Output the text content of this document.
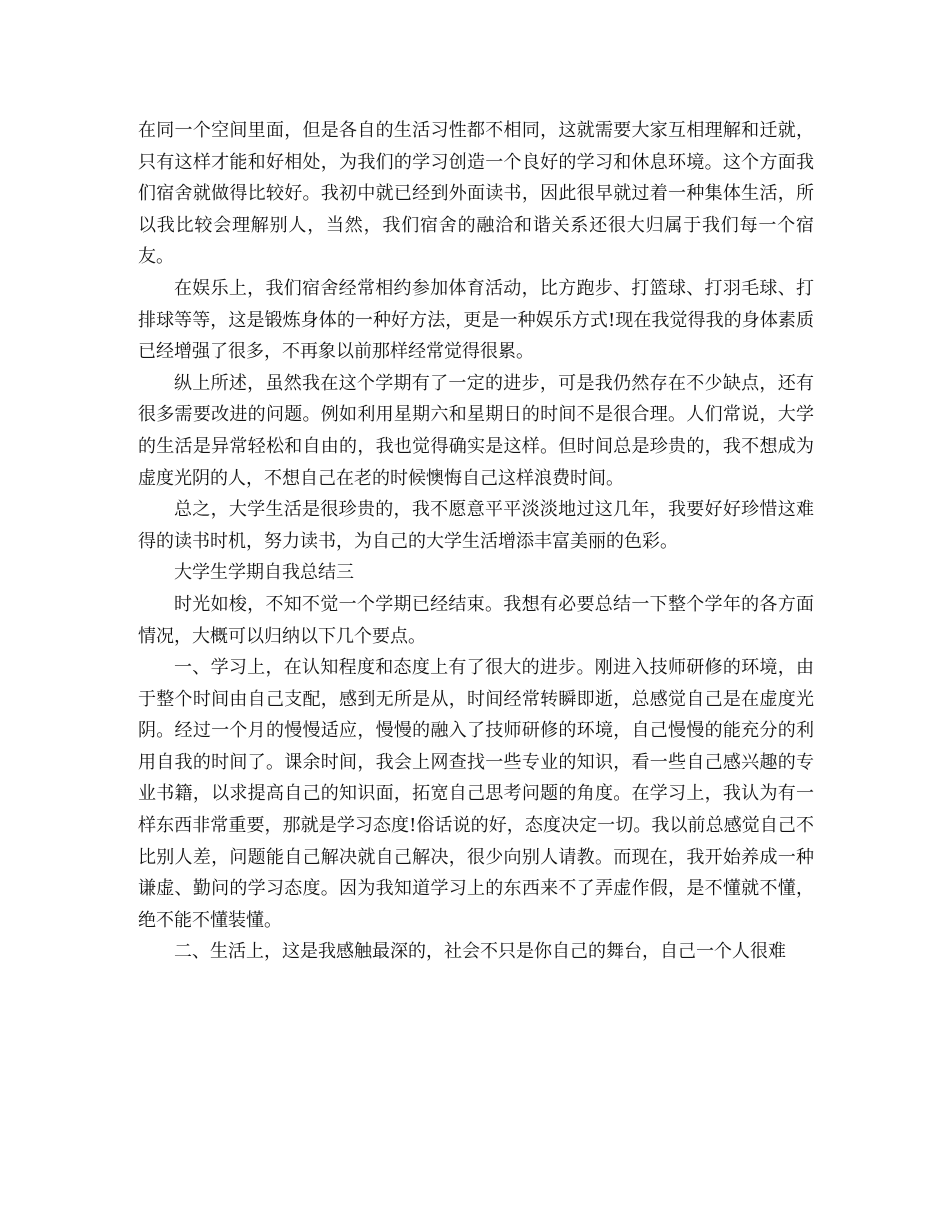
在同一个空间里面，但是各自的生活习性都不相同，这就需要大家互相理解和迁就，只有这样才能和好相处，为我们的学习创造一个良好的学习和休息环境。这个方面我们宿舍就做得比较好。我初中就已经到外面读书，因此很早就过着一种集体生活，所以我比较会理解别人，当然，我们宿舍的融洽和谐关系还很大归属于我们每一个宿友。

在娱乐上，我们宿舍经常相约参加体育活动，比方跑步、打篮球、打羽毛球、打排球等等，这是锻炼身体的一种好方法，更是一种娱乐方式!现在我觉得我的身体素质已经增强了很多，不再象以前那样经常觉得很累。

纵上所述，虽然我在这个学期有了一定的进步，可是我仍然存在不少缺点，还有很多需要改进的问题。例如利用星期六和星期日的时间不是很合理。人们常说，大学的生活是异常轻松和自由的，我也觉得确实是这样。但时间总是珍贵的，我不想成为虚度光阴的人，不想自己在老的时候懊悔自己这样浪费时间。

总之，大学生活是很珍贵的，我不愿意平平淡淡地过这几年，我要好好珍惜这难得的读书时机，努力读书，为自己的大学生活增添丰富美丽的色彩。

大学生学期自我总结三

时光如梭，不知不觉一个学期已经结束。我想有必要总结一下整个学年的各方面情况，大概可以归纳以下几个要点。

一、学习上，在认知程度和态度上有了很大的进步。刚进入技师研修的环境，由于整个时间由自己支配，感到无所是从，时间经常转瞬即逝，总感觉自己是在虚度光阴。经过一个月的慢慢适应，慢慢的融入了技师研修的环境，自己慢慢的能充分的利用自我的时间了。课余时间，我会上网查找一些专业的知识，看一些自己感兴趣的专业书籍，以求提高自己的知识面，拓宽自己思考问题的角度。在学习上，我认为有一样东西非常重要，那就是学习态度!俗话说的好，态度决定一切。我以前总感觉自己不比别人差，问题能自己解决就自己解决，很少向别人请教。而现在，我开始养成一种谦虚、勤问的学习态度。因为我知道学习上的东西来不了弄虚作假，是不懂就不懂，绝不能不懂装懂。

二、生活上，这是我感触最深的，社会不只是你自己的舞台，自己一个人很难
